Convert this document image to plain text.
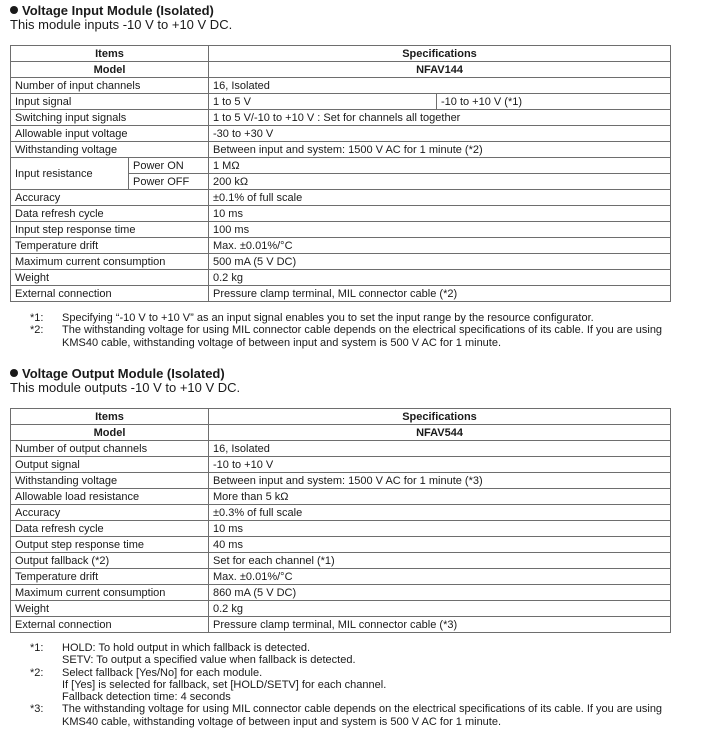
Voltage Input Module (Isolated)
This module inputs -10 V to +10 V DC.
Items		Specifications	
Model		NFAV144	
Number of input channels		16, Isolated	
Input signal		1 to 5 V	-10 to +10 V (*1)
Switching input signals		1 to 5 V/-10 to +10 V : Set for channels all together	
Allowable input voltage		-30 to +30 V	
Withstanding voltage		Between input and system: 1500 V AC for 1 minute (*2)	
Input resistance	Power ON	1 MΩ	
	Power OFF	200 kΩ	
Accuracy		±0.1% of full scale	
Data refresh cycle		10 ms	
Input step response time		100 ms	
Temperature drift		Max. ±0.01%/°C	
Maximum current consumption		500 mA (5 V DC)	
Weight		0.2 kg	
External connection		Pressure clamp terminal, MIL connector cable (*2)	
*1:	Specifying “-10 V to +10 V” as an input signal enables you to set the input range by the resource configurator.
*2:	The withstanding voltage for using MIL connector cable depends on the electrical specifications of its cable. If you are using
KMS40 cable, withstanding voltage of between input and system is 500 V AC for 1 minute.
Voltage Output Module (Isolated)
This module outputs -10 V to +10 V DC.
Items	Specifications
Model	NFAV544
Number of output channels	16, Isolated
Output signal	-10 to +10 V
Withstanding voltage	Between input and system: 1500 V AC for 1 minute (*3)
Allowable load resistance	More than 5 kΩ
Accuracy	±0.3% of full scale
Data refresh cycle	10 ms
Output step response time	40 ms
Output fallback (*2)	Set for each channel (*1)
Temperature drift	Max. ±0.01%/°C
Maximum current consumption	860 mA (5 V DC)
Weight	0.2 kg
External connection	Pressure clamp terminal, MIL connector cable (*3)
*1:	HOLD: To hold output in which fallback is detected.
SETV: To output a specified value when fallback is detected.
*2:	Select fallback [Yes/No] for each module.
If [Yes] is selected for fallback, set [HOLD/SETV] for each channel.
Fallback detection time: 4 seconds
*3:	The withstanding voltage for using MIL connector cable depends on the electrical specifications of its cable. If you are using
KMS40 cable, withstanding voltage of between input and system is 500 V AC for 1 minute.
